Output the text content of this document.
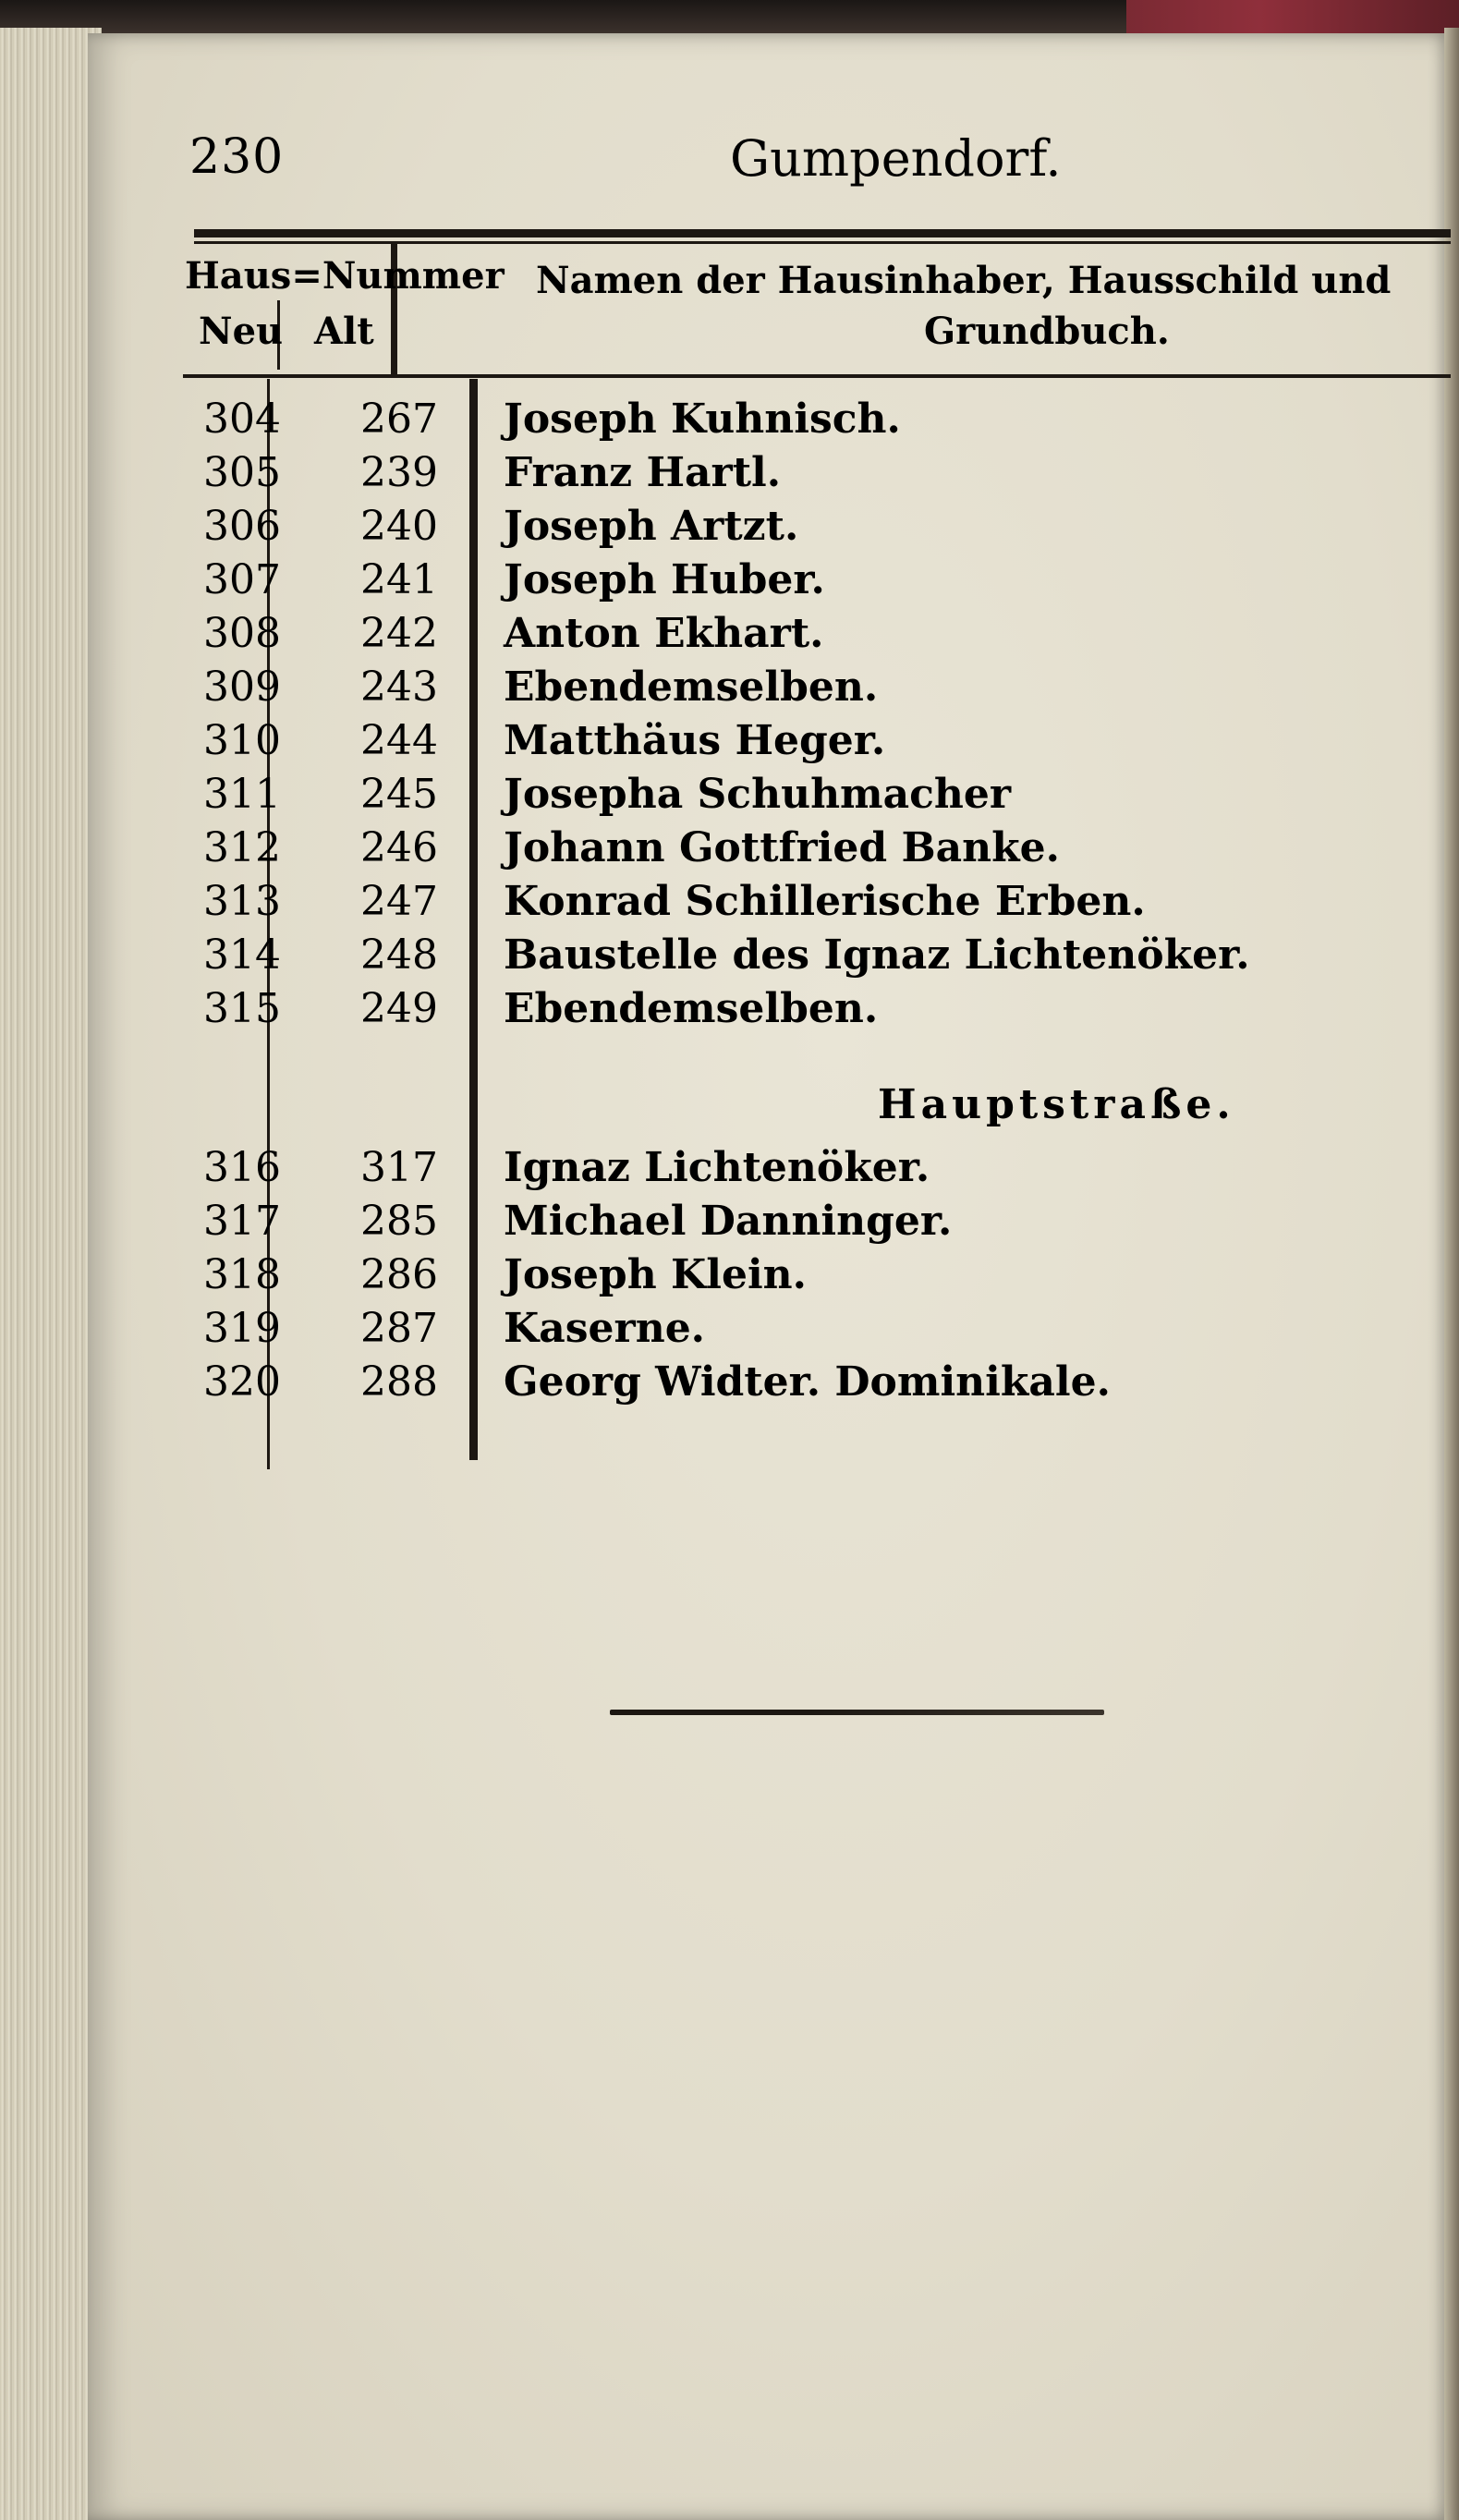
230	Gumpendorf.
Haus=Nummer
Neu Alt
Namen der Hausinhaber, Hausschild und
Grundbuch.
304 267 Joseph Kuhnisch.
305 239 Franz Hartl.
306 240 Joseph Artzt.
307 241 Joseph Huber.
308 242 Anton Ekhart.
309 243 Ebendemselben.
310 244 Matthäus Heger.
311 245 Josepha Schuhmacher
312 246 Johann Gottfried Banke.
313 247 Konrad Schillerische Erben.
314 248 Baustelle des Ignaz Lichtenöker.
315 249 Ebendemselben.
Hauptstraße.
316 317 Ignaz Lichtenöker.
317 285 Michael Danninger.
318 286 Joseph Klein.
319 287 Kaserne.
320 288 Georg Widter. Dominikale.
